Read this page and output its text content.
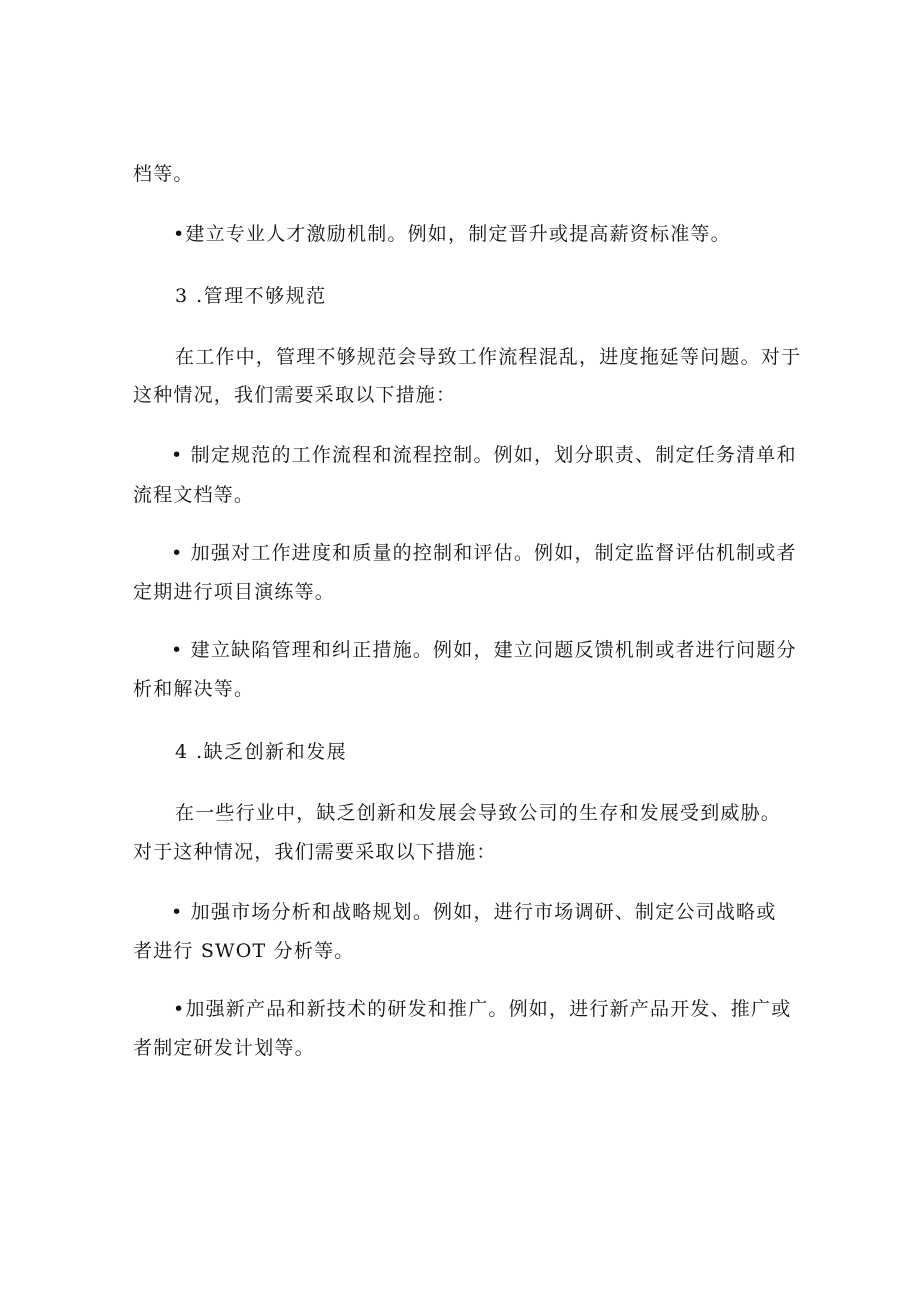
档等。
•建立专业人才激励机制。例如，制定晋升或提高薪资标准等。
3 .管理不够规范
在工作中，管理不够规范会导致工作流程混乱，进度拖延等问题。对于
这种情况，我们需要采取以下措施：
• 制定规范的工作流程和流程控制。例如，划分职责、制定任务清单和
流程文档等。
• 加强对工作进度和质量的控制和评估。例如，制定监督评估机制或者
定期进行项目演练等。
• 建立缺陷管理和纠正措施。例如，建立问题反馈机制或者进行问题分
析和解决等。
4 .缺乏创新和发展
在一些行业中，缺乏创新和发展会导致公司的生存和发展受到威胁。
对于这种情况，我们需要采取以下措施：
• 加强市场分析和战略规划。例如，进行市场调研、制定公司战略或
者进行 SWOT 分析等。
•加强新产品和新技术的研发和推广。例如，进行新产品开发、推广或
者制定研发计划等。
